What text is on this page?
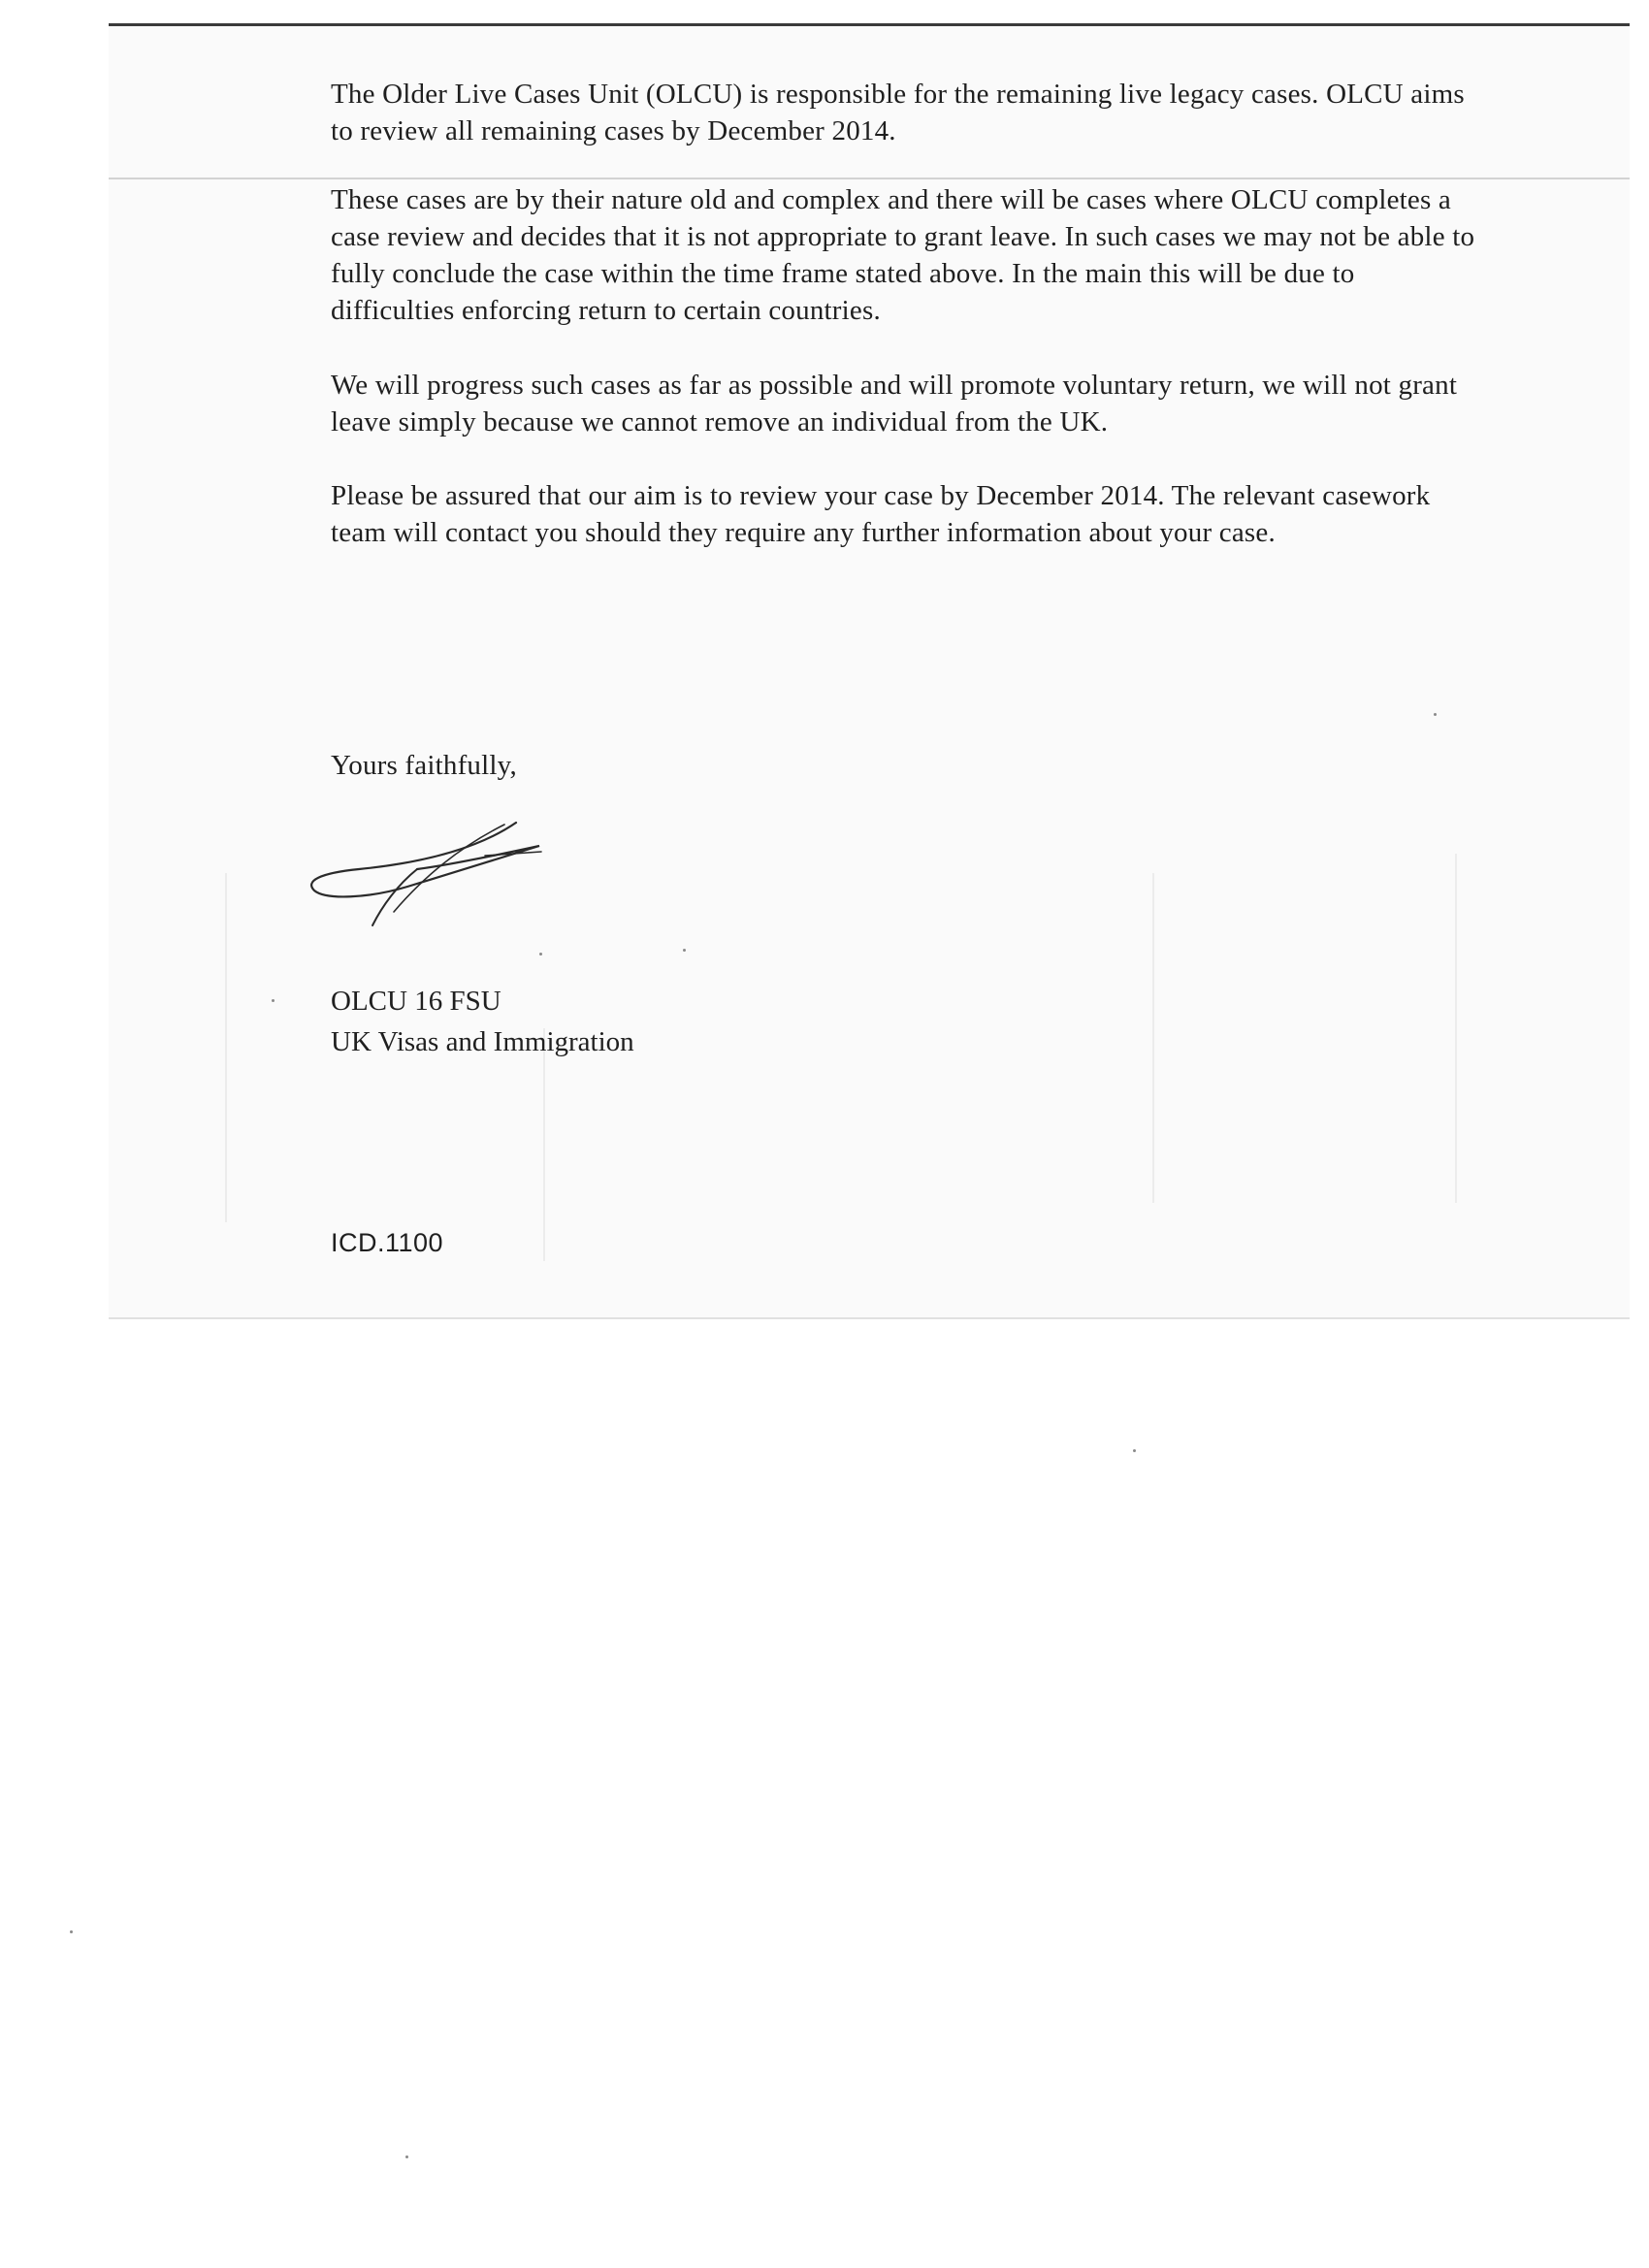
The Older Live Cases Unit (OLCU) is responsible for the remaining live legacy cases. OLCU aims to review all remaining cases by December 2014.

These cases are by their nature old and complex and there will be cases where OLCU completes a case review and decides that it is not appropriate to grant leave. In such cases we may not be able to fully conclude the case within the time frame stated above. In the main this will be due to difficulties enforcing return to certain countries.

We will progress such cases as far as possible and will promote voluntary return, we will not grant leave simply because we cannot remove an individual from the UK.

Please be assured that our aim is to review your case by December 2014. The relevant casework team will contact you should they require any further information about your case.

Yours faithfully,

OLCU 16 FSU
UK Visas and Immigration

ICD.1100
